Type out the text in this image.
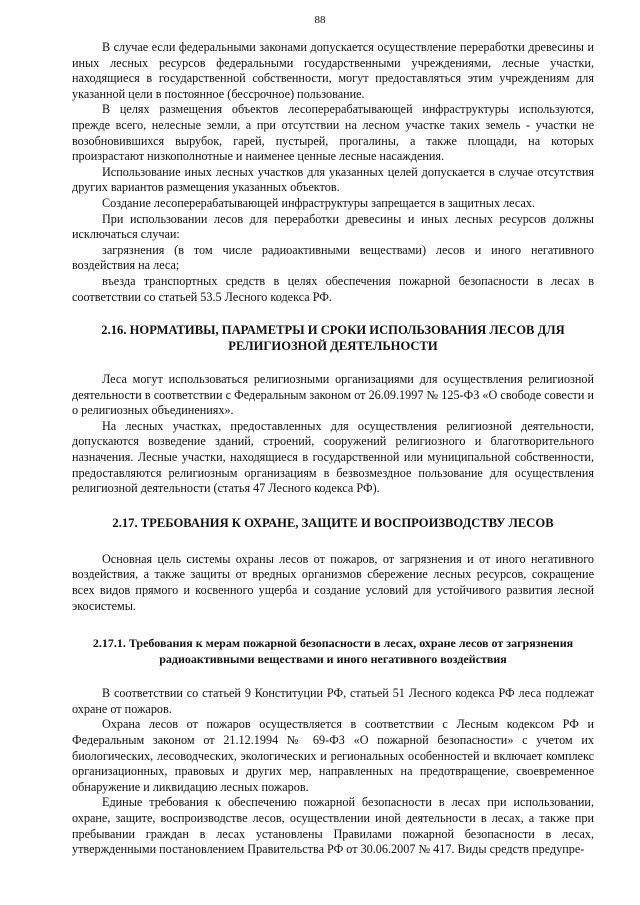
88

В случае если федеральными законами допускается осуществление переработки древесины и иных лесных ресурсов федеральными государственными учреждениями, лесные участки, находящиеся в государственной собственности, могут предоставляться этим учреждениям для указанной цели в постоянное (бессрочное) пользование.

В целях размещения объектов лесоперерабатывающей инфраструктуры используются, прежде всего, нелесные земли, а при отсутствии на лесном участке таких земель - участки не возобновившихся вырубок, гарей, пустырей, прогалины, а также площади, на которых произрастают низкополнотные и наименее ценные лесные насаждения.

Использование иных лесных участков для указанных целей допускается в случае отсутствия других вариантов размещения указанных объектов.

Создание лесоперерабатывающей инфраструктуры запрещается в защитных лесах.

При использовании лесов для переработки древесины и иных лесных ресурсов должны исключаться случаи:

загрязнения (в том числе радиоактивными веществами) лесов и иного негативного воздействия на леса;

въезда транспортных средств в целях обеспечения пожарной безопасности в лесах в соответствии со статьей 53.5 Лесного кодекса РФ.

2.16. НОРМАТИВЫ, ПАРАМЕТРЫ И СРОКИ ИСПОЛЬЗОВАНИЯ ЛЕСОВ ДЛЯ РЕЛИГИОЗНОЙ ДЕЯТЕЛЬНОСТИ

Леса могут использоваться религиозными организациями для осуществления религиозной деятельности в соответствии с Федеральным законом от 26.09.1997 № 125-ФЗ «О свободе совести и о религиозных объединениях».

На лесных участках, предоставленных для осуществления религиозной деятельности, допускаются возведение зданий, строений, сооружений религиозного и благотворительного назначения. Лесные участки, находящиеся в государственной или муниципальной собственности, предоставляются религиозным организациям в безвозмездное пользование для осуществления религиозной деятельности (статья 47 Лесного кодекса РФ).

2.17. ТРЕБОВАНИЯ К ОХРАНЕ, ЗАЩИТЕ И ВОСПРОИЗВОДСТВУ ЛЕСОВ

Основная цель системы охраны лесов от пожаров, от загрязнения и от иного негативного воздействия, а также защиты от вредных организмов сбережение лесных ресурсов, сокращение всех видов прямого и косвенного ущерба и создание условий для устойчивого развития лесной экосистемы.

2.17.1. Требования к мерам пожарной безопасности в лесах, охране лесов от загрязнения радиоактивными веществами и иного негативного воздействия

В соответствии со статьей 9 Конституции РФ, статьей 51 Лесного кодекса РФ леса подлежат охране от пожаров.

Охрана лесов от пожаров осуществляется в соответствии с Лесным кодексом РФ и Федеральным законом от 21.12.1994 № 69-ФЗ «О пожарной безопасности» с учетом их биологических, лесоводческих, экологических и региональных особенностей и включает комплекс организационных, правовых и других мер, направленных на предотвращение, своевременное обнаружение и ликвидацию лесных пожаров.

Единые требования к обеспечению пожарной безопасности в лесах при использовании, охране, защите, воспроизводстве лесов, осуществлении иной деятельности в лесах, а также при пребывании граждан в лесах установлены Правилами пожарной безопасности в лесах, утвержденными постановлением Правительства РФ от 30.06.2007 № 417. Виды средств предупре-
